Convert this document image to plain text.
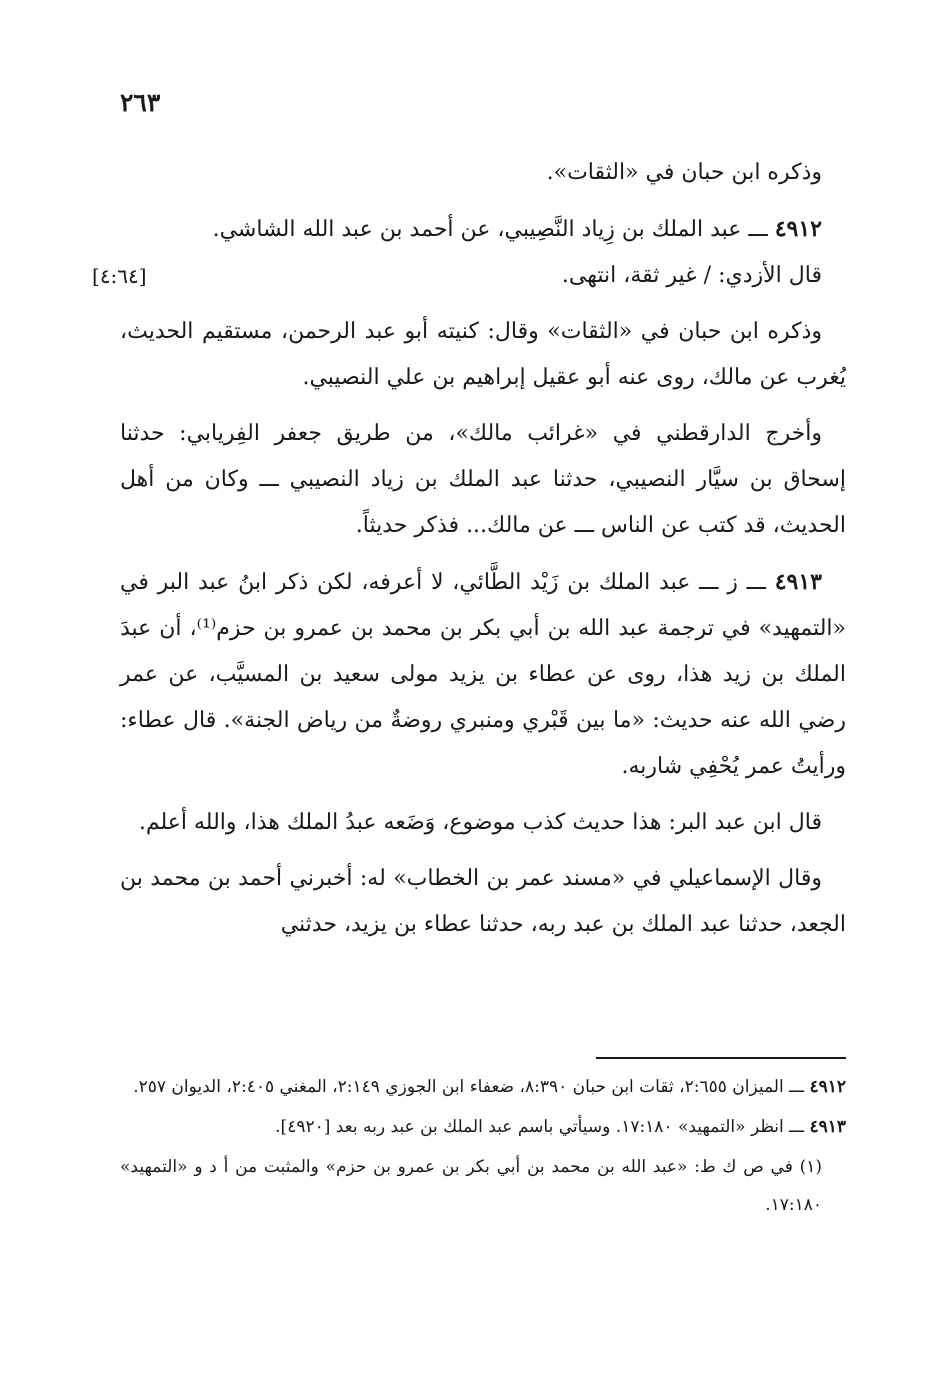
٢٦٣

وذكره ابن حبان في «الثقات».

٤٩١٢ ـــ عبد الملك بن زِياد النَّصِيبي، عن أحمد بن عبد الله الشاشي.
قال الأزدي: / غير ثقة، انتهى.
[٤:٦٤]

وذكره ابن حبان في «الثقات» وقال: كنيته أبو عبد الرحمن، مستقيم الحديث، يُغرب عن مالك، روى عنه أبو عقيل إبراهيم بن علي النصيبي.

وأخرج الدارقطني في «غرائب مالك»، من طريق جعفر الفِريابي: حدثنا إسحاق بن سيَّار النصيبي، حدثنا عبد الملك بن زياد النصيبي ـــ وكان من أهل الحديث، قد كتب عن الناس ـــ عن مالك... فذكر حديثاً.

٤٩١٣ ـــ ز ـــ عبد الملك بن زَيْد الطَّائي، لا أعرفه، لكن ذكر ابنُ عبد البر في «التمهيد» في ترجمة عبد الله بن أبي بكر بن محمد بن عمرو بن حزم⁽¹⁾، أن عبدَ الملك بن زيد هذا، روى عن عطاء بن يزيد مولى سعيد بن المسيَّب، عن عمر رضي الله عنه حديث: «ما بين قَبْري ومنبري روضةٌ من رياض الجنة». قال عطاء: ورأيتُ عمر يُحْفِي شاربه.

قال ابن عبد البر: هذا حديث كذب موضوع، وَضَعه عبدُ الملك هذا، والله أعلم.

وقال الإسماعيلي في «مسند عمر بن الخطاب» له: أخبرني أحمد بن محمد بن الجعد، حدثنا عبد الملك بن عبد ربه، حدثنا عطاء بن يزيد، حدثني

٤٩١٢ ـــ الميزان ٢:٦٥٥، ثقات ابن حبان ٨:٣٩٠، ضعفاء ابن الجوزي ٢:١٤٩، المغني ٢:٤٠٥، الديوان ٢٥٧.

٤٩١٣ ـــ انظر «التمهيد» ١٧:١٨٠. وسيأتي باسم عبد الملك بن عبد ربه بعد [٤٩٢٠].

(١) في ص ك ط: «عبد الله بن محمد بن أبي بكر بن عمرو بن حزم» والمثبت من أ د و «التمهيد» ١٧:١٨٠.
